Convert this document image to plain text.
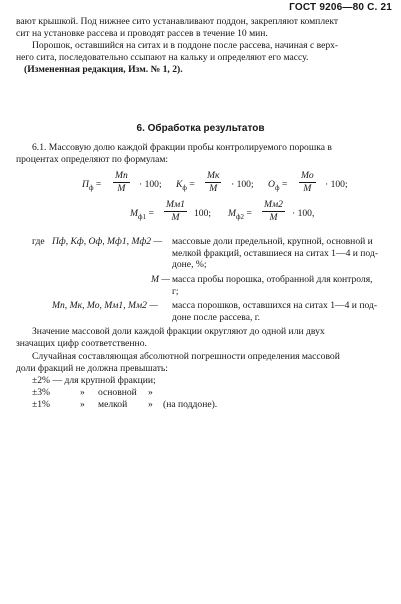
ГОСТ 9206—80 С. 21
вают крышкой. Под нижнее сито устанавливают поддон, закрепляют комплект
сит на установке рассева и проводят рассев в течение 10 мин.
Порошок, оставшийся на ситах и в поддоне после рассева, начиная с верх-
него сита, последовательно ссыпают на кальку и определяют его массу.
(Измененная редакция, Изм. № 1, 2).
6. Обработка результатов
6.1. Массовую долю каждой фракции пробы контролируемого порошка в
процентах определяют по формулам:
$П_ф$ =
Мп
М	· 100; $К_ф$ =
Мк
М	· 100; $О_ф$ =
Мо
М	· 100;
$М_{ф1}$ =
Мм1
М	100; $М_{ф2}$ =
Мм2
М	· 100,
где Пф, Кф, Оф, Мф1, Мф2 — массовые доли предельной, крупной, основной и
мелкой фракций, оставшиеся на ситах 1—4 и под-
доне, %;
М — масса пробы порошка, отобранной для контроля,
г;
Мп, Мк, Мо, Мм1, Мм2 — масса порошков, оставшихся на ситах 1—4 и под-
доне после рассева, г.
Значение массовой доли каждой фракции округляют до одной или двух
значащих цифр соответственно.
Случайная составляющая абсолютной погрешности определения массовой
доли фракций не должна превышать:
±2% — для крупной фракции;
±3%	» основной »
±1%	» мелкой » (на поддоне).
